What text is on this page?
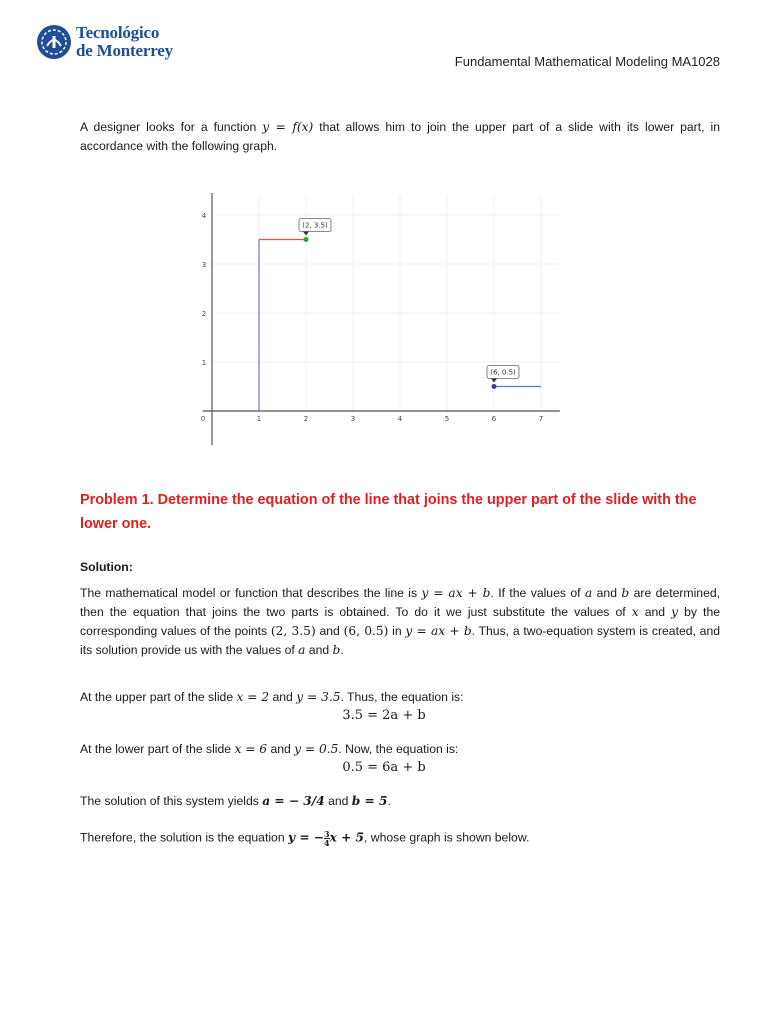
Tecnológico
de Monterrey
Fundamental Mathematical Modeling MA1028
A designer looks for a function y = f(x) that allows him to join the upper part of a slide with its lower part, in accordance with the following graph.
0	1	2	3	4	5	6	7
1
2
3
4
(2, 3.5)
(6, 0.5)
Problem 1. Determine the equation of the line that joins the upper part of the slide with the lower one.
Solution:
The mathematical model or function that describes the line is y = ax + b. If the values of a and b are determined, then the equation that joins the two parts is obtained. To do it we just substitute the values of x and y by the corresponding values of the points (2, 3.5) and (6, 0.5) in y = ax + b. Thus, a two-equation system is created, and its solution provide us with the values of a and b.
At the upper part of the slide x = 2 and y = 3.5. Thus, the equation is:
3.5 = 2a + b
At the lower part of the slide x = 6 and y = 0.5. Now, the equation is:
0.5 = 6a + b
The solution of this system yields a = − 3/4 and b = 5.
Therefore, the solution is the equation y = − $\frac{3}{4}$ x + 5, whose graph is shown below.
